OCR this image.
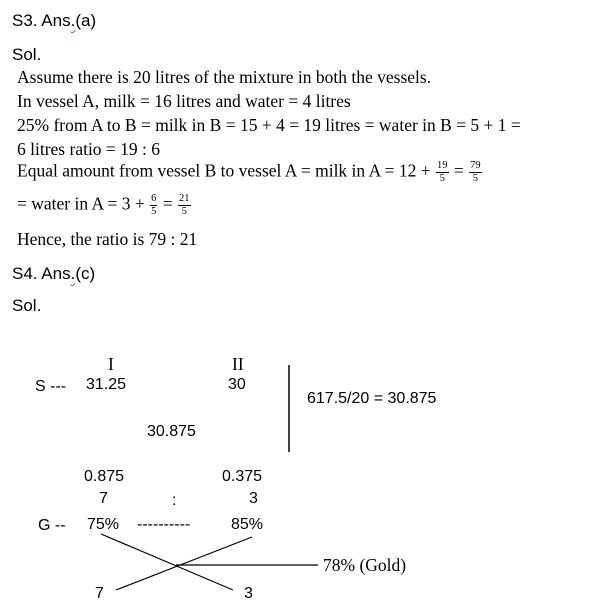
S3. Ans.(a)
Sol.
Assume there is 20 litres of the mixture in both the vessels.
In vessel A, milk = 16 litres and water = 4 litres
25% from A to B = milk in B = 15 + 4 = 19 litres = water in B = 5 + 1 =
6 litres ratio = 19 : 6
Equal amount from vessel B to vessel A = milk in $A = 12 + \frac{19}{5} = \frac{79}{5}$
= water in $A = 3 + \frac{6}{5} = \frac{21}{5}$
Hence, the ratio is 79 : 21
S4. Ans.(c)
Sol.
I	II
S --- 31.25	30
617.5/20 = 30.875
30.875
0.875	0.375
7	:	3
G -- 75% ----------	85%
78% (Gold)
7	3
